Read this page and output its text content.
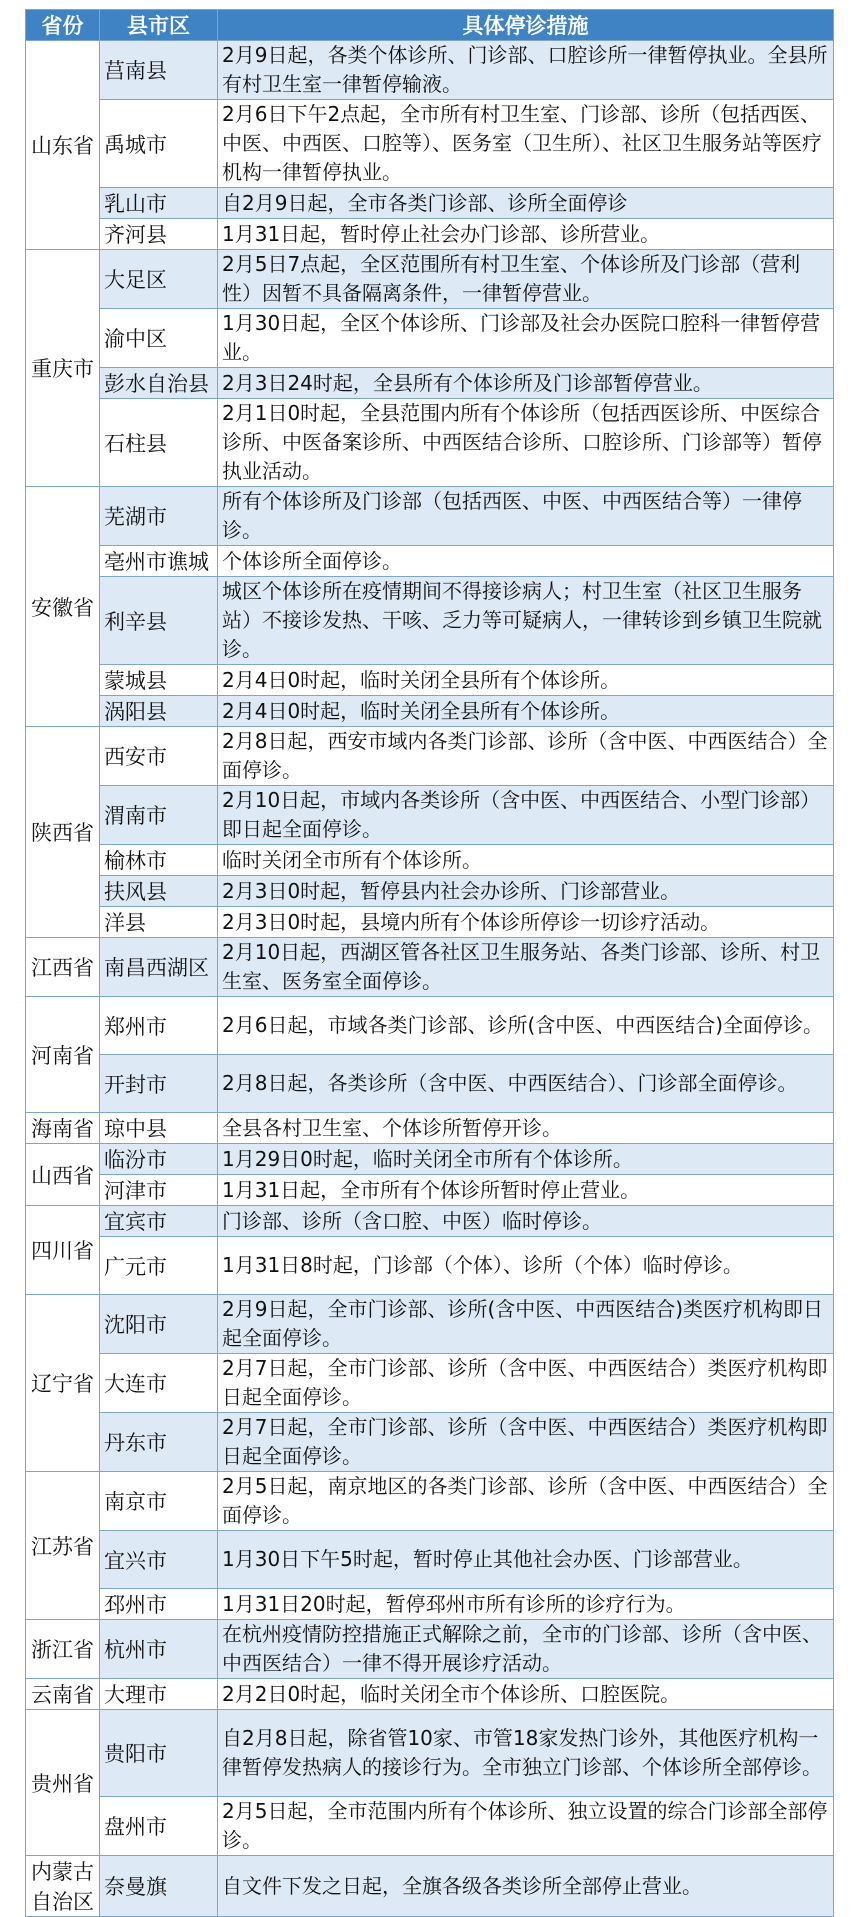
省份	县市区	具体停诊措施
山东省	莒南县	2月9日起，各类个体诊所、门诊部、口腔诊所一律暂停执业。全县所有村卫生室一律暂停输液。
	禹城市	2月6日下午2点起，全市所有村卫生室、门诊部、诊所（包括西医、中医、中西医、口腔等）、医务室（卫生所）、社区卫生服务站等医疗机构一律暂停执业。
	乳山市	自2月9日起，全市各类门诊部、诊所全面停诊
	齐河县	1月31日起，暂时停止社会办门诊部、诊所营业。
重庆市	大足区	2月5日7点起，全区范围所有村卫生室、个体诊所及门诊部（营利性）因暂不具备隔离条件，一律暂停营业。
	渝中区	1月30日起，全区个体诊所、门诊部及社会办医院口腔科一律暂停营业。
	彭水自治县	2月3日24时起，全县所有个体诊所及门诊部暂停营业。
	石柱县	2月1日0时起，全县范围内所有个体诊所（包括西医诊所、中医综合诊所、中医备案诊所、中西医结合诊所、口腔诊所、门诊部等）暂停执业活动。
安徽省	芜湖市	所有个体诊所及门诊部（包括西医、中医、中西医结合等）一律停诊。
	亳州市谯城	个体诊所全面停诊。
	利辛县	城区个体诊所在疫情期间不得接诊病人；村卫生室（社区卫生服务站）不接诊发热、干咳、乏力等可疑病人，一律转诊到乡镇卫生院就诊。
	蒙城县	2月4日0时起，临时关闭全县所有个体诊所。
	涡阳县	2月4日0时起，临时关闭全县所有个体诊所。
陕西省	西安市	2月8日起，西安市域内各类门诊部、诊所（含中医、中西医结合）全面停诊。
	渭南市	2月10日起，市域内各类诊所（含中医、中西医结合、小型门诊部）即日起全面停诊。
	榆林市	临时关闭全市所有个体诊所。
	扶风县	2月3日0时起，暂停县内社会办诊所、门诊部营业。
	洋县	2月3日0时起，县境内所有个体诊所停诊一切诊疗活动。
江西省	南昌西湖区	2月10日起，西湖区管各社区卫生服务站、各类门诊部、诊所、村卫生室、医务室全面停诊。
河南省	郑州市	2月6日起，市域各类门诊部、诊所(含中医、中西医结合)全面停诊。
	开封市	2月8日起，各类诊所（含中医、中西医结合）、门诊部全面停诊。
海南省	琼中县	全县各村卫生室、个体诊所暂停开诊。
山西省	临汾市	1月29日0时起，临时关闭全市所有个体诊所。
	河津市	1月31日起，全市所有个体诊所暂时停止营业。
四川省	宜宾市	门诊部、诊所（含口腔、中医）临时停诊。
	广元市	1月31日8时起，门诊部（个体）、诊所（个体）临时停诊。
辽宁省	沈阳市	2月9日起，全市门诊部、诊所(含中医、中西医结合)类医疗机构即日起全面停诊。
	大连市	2月7日起，全市门诊部、诊所（含中医、中西医结合）类医疗机构即日起全面停诊。
	丹东市	2月7日起，全市门诊部、诊所（含中医、中西医结合）类医疗机构即日起全面停诊。
江苏省	南京市	2月5日起，南京地区的各类门诊部、诊所（含中医、中西医结合）全面停诊。
	宜兴市	1月30日下午5时起，暂时停止其他社会办医、门诊部营业。
	邳州市	1月31日20时起，暂停邳州市所有诊所的诊疗行为。
浙江省	杭州市	在杭州疫情防控措施正式解除之前，全市的门诊部、诊所（含中医、中西医结合）一律不得开展诊疗活动。
云南省	大理市	2月2日0时起，临时关闭全市个体诊所、口腔医院。
贵州省	贵阳市	自2月8日起，除省管10家、市管18家发热门诊外，其他医疗机构一律暂停发热病人的接诊行为。全市独立门诊部、个体诊所全部停诊。
	盘州市	2月5日起，全市范围内所有个体诊所、独立设置的综合门诊部全部停诊。
内蒙古自治区	奈曼旗	自文件下发之日起，全旗各级各类诊所全部停止营业。
